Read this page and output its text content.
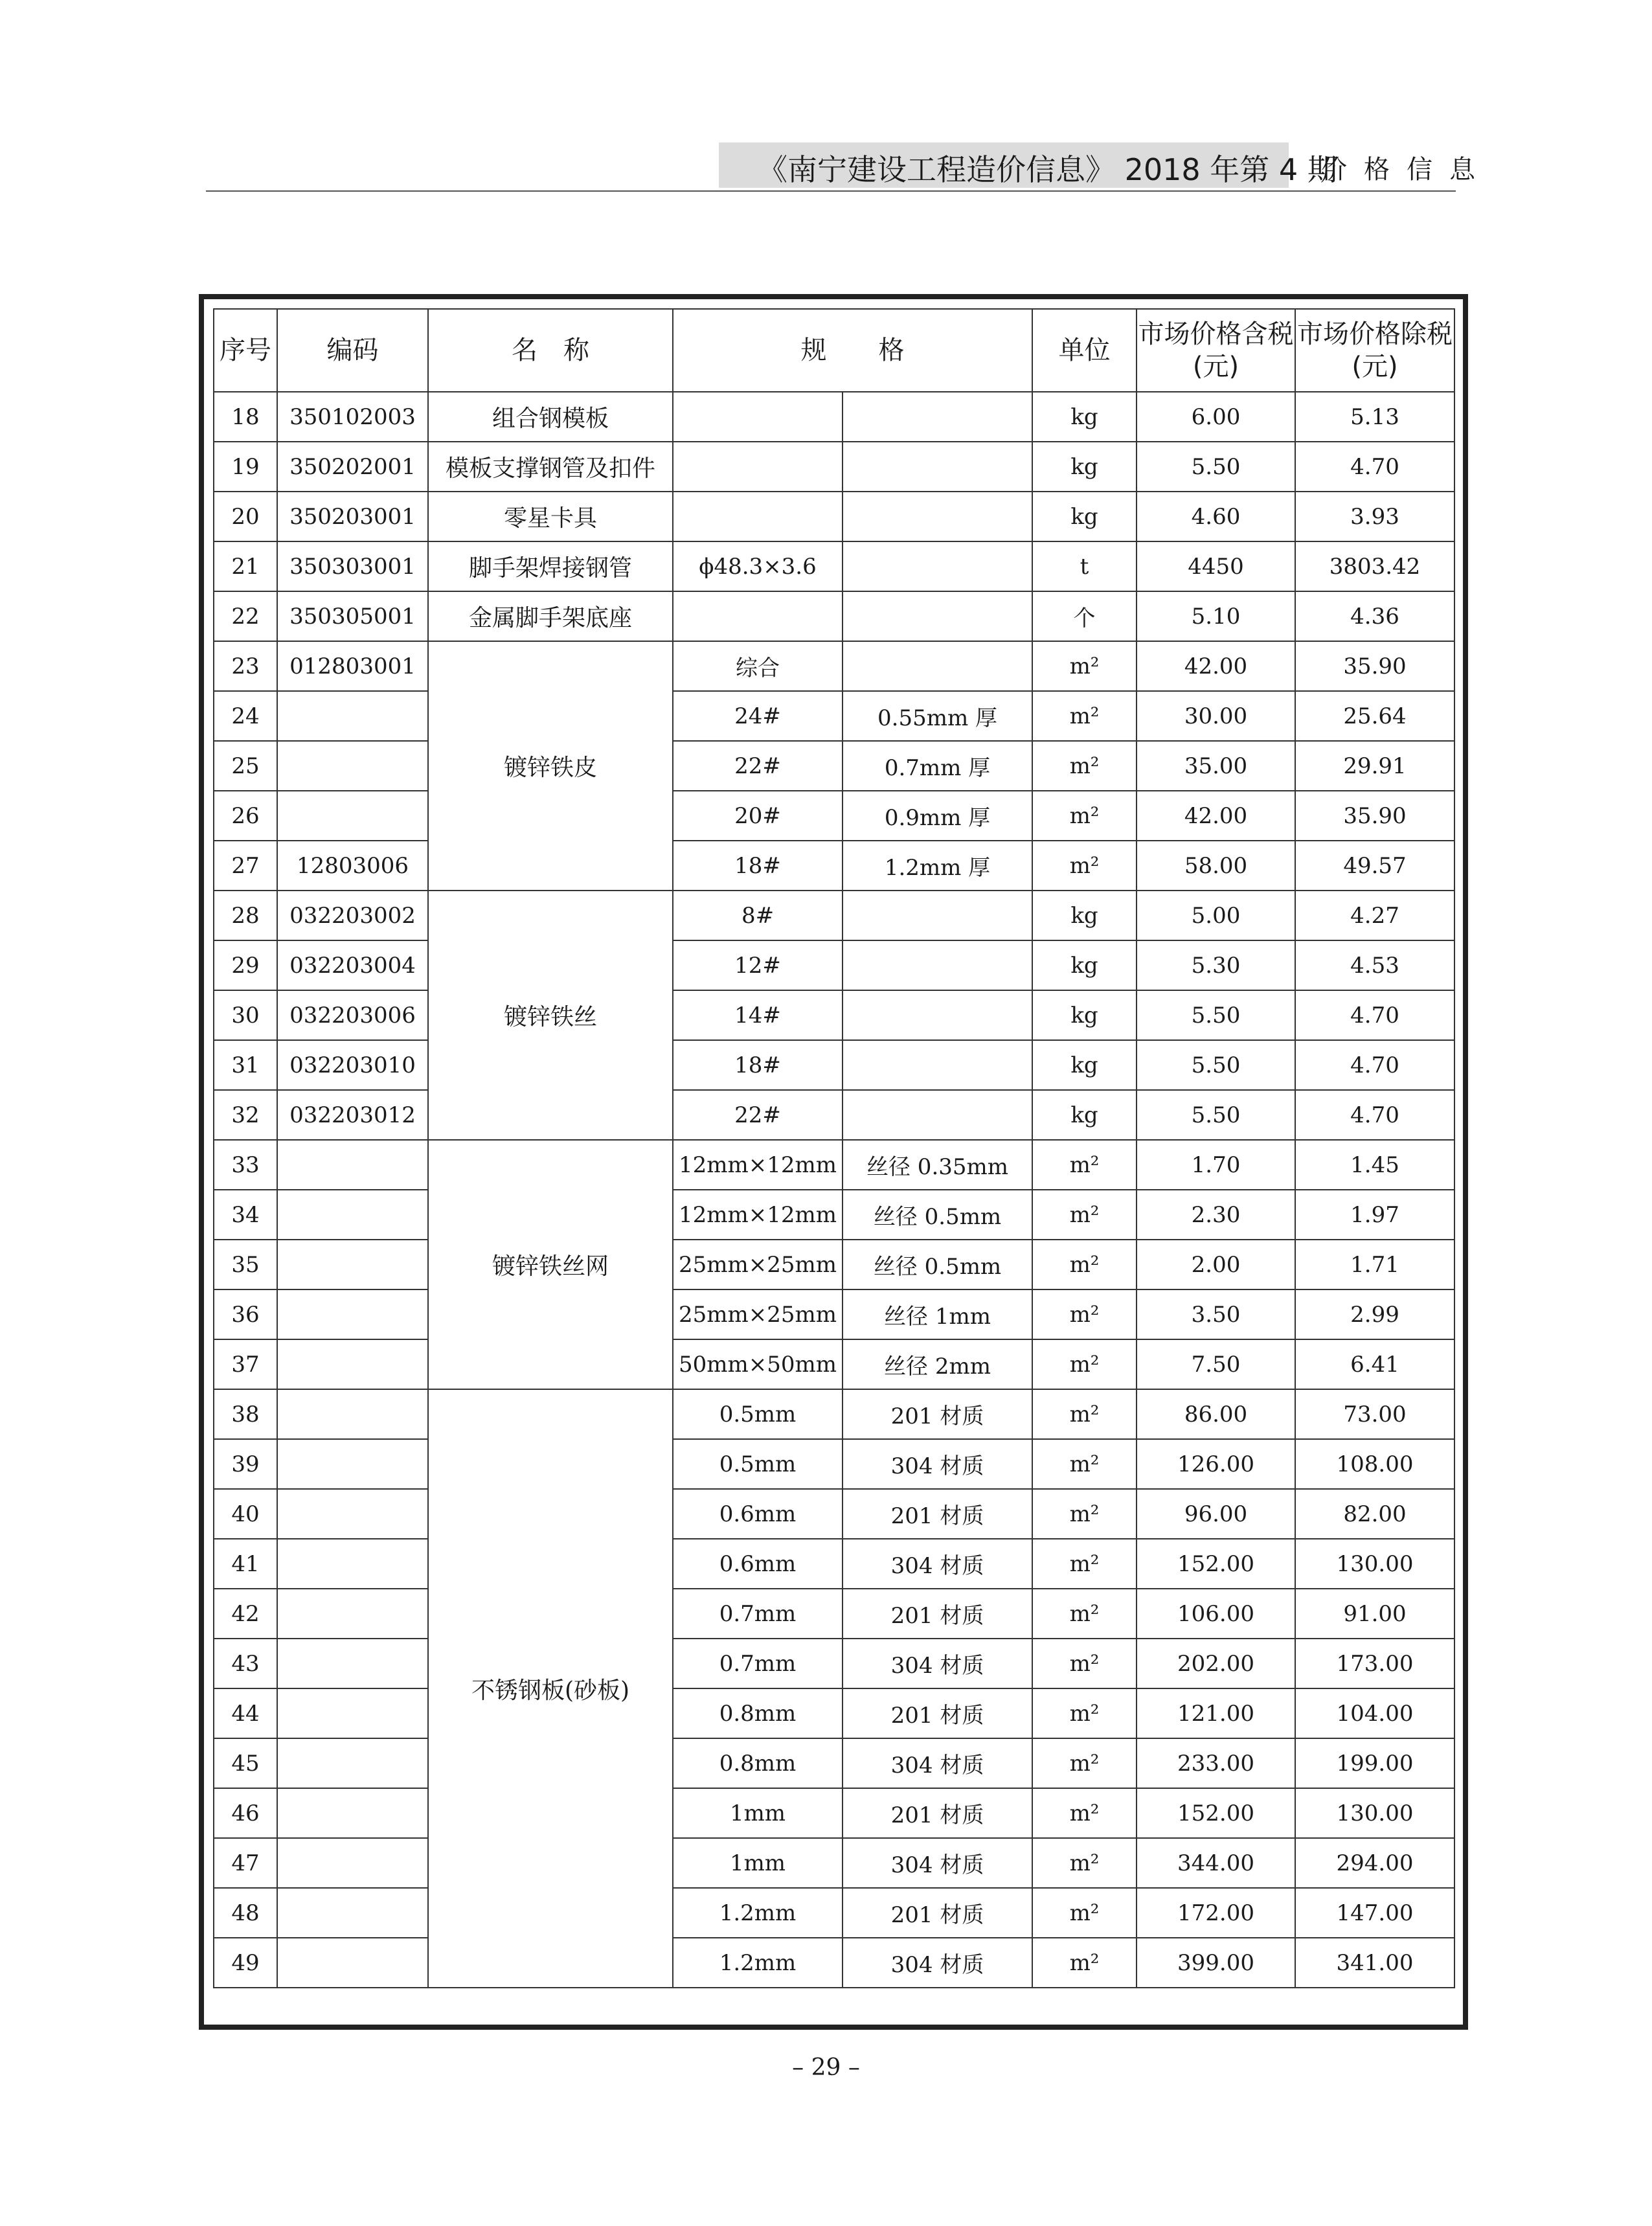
《南宁建设工程造价信息》 2018 年第 4 期
价格信息
序号	编码	名　称	规　　格		单位	市场价格含税(元)	市场价格除税(元)
18	350102003	组合钢模板			kg	6.00	5.13
19	350202001	模板支撑钢管及扣件			kg	5.50	4.70
20	350203001	零星卡具			kg	4.60	3.93
21	350303001	脚手架焊接钢管	ϕ48.3×3.6		t	4450	3803.42
22	350305001	金属脚手架底座			个	5.10	4.36
23	012803001	镀锌铁皮	综合		m²	42.00	35.90
24			24#	0.55mm 厚	m²	30.00	25.64
25			22#	0.7mm 厚	m²	35.00	29.91
26			20#	0.9mm 厚	m²	42.00	35.90
27	12803006		18#	1.2mm 厚	m²	58.00	49.57
28	032203002	镀锌铁丝	8#		kg	5.00	4.27
29	032203004		12#		kg	5.30	4.53
30	032203006		14#		kg	5.50	4.70
31	032203010		18#		kg	5.50	4.70
32	032203012		22#		kg	5.50	4.70
33		镀锌铁丝网	12mm×12mm	丝径 0.35mm	m²	1.70	1.45
34			12mm×12mm	丝径 0.5mm	m²	2.30	1.97
35			25mm×25mm	丝径 0.5mm	m²	2.00	1.71
36			25mm×25mm	丝径 1mm	m²	3.50	2.99
37			50mm×50mm	丝径 2mm	m²	7.50	6.41
38		不锈钢板(砂板)	0.5mm	201 材质	m²	86.00	73.00
39			0.5mm	304 材质	m²	126.00	108.00
40			0.6mm	201 材质	m²	96.00	82.00
41			0.6mm	304 材质	m²	152.00	130.00
42			0.7mm	201 材质	m²	106.00	91.00
43			0.7mm	304 材质	m²	202.00	173.00
44			0.8mm	201 材质	m²	121.00	104.00
45			0.8mm	304 材质	m²	233.00	199.00
46			1mm	201 材质	m²	152.00	130.00
47			1mm	304 材质	m²	344.00	294.00
48			1.2mm	201 材质	m²	172.00	147.00
49			1.2mm	304 材质	m²	399.00	341.00
– 29 –
